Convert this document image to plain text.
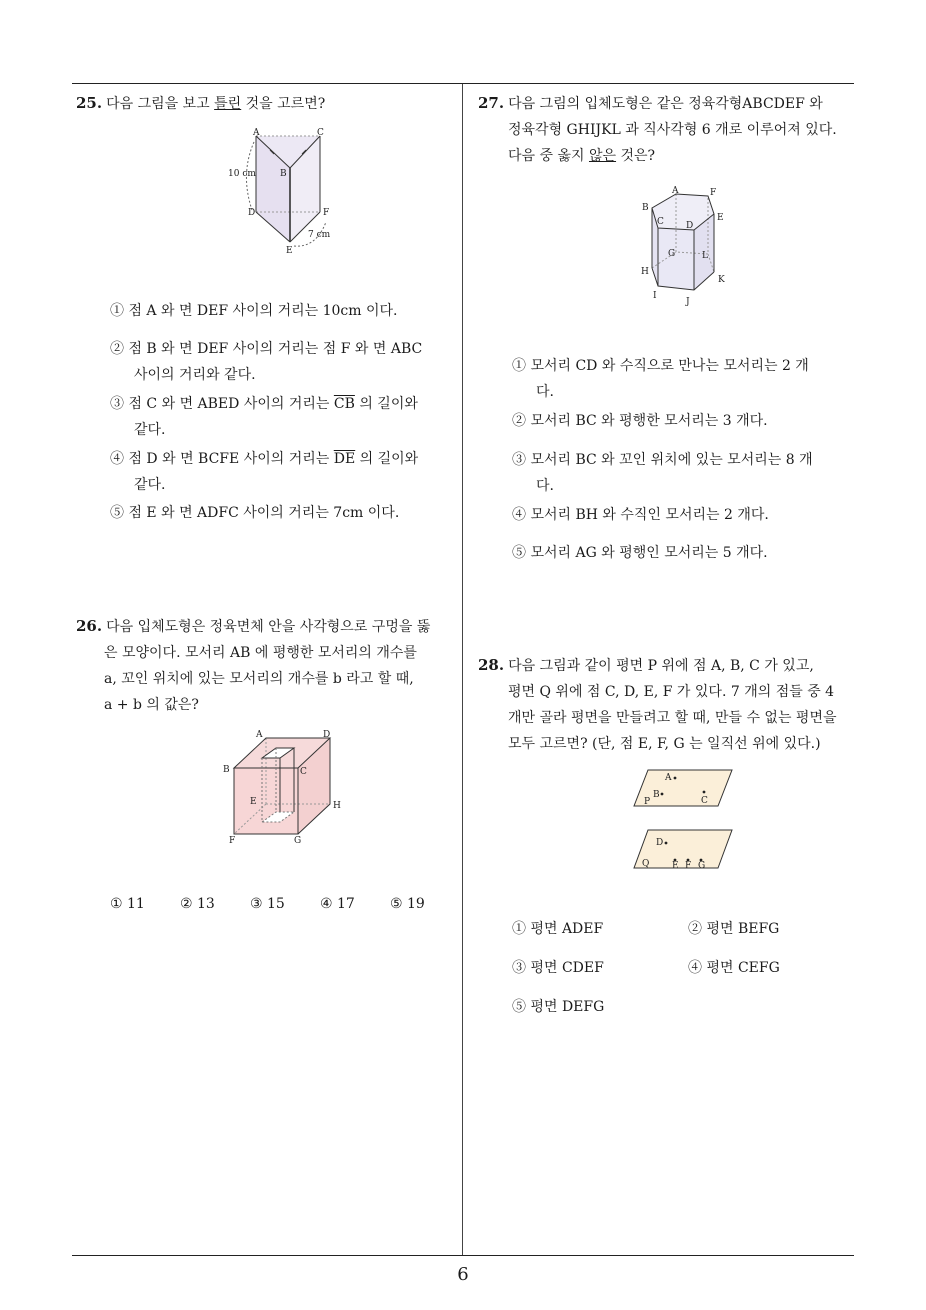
25. 다음 그림을 보고 틀린 것을 고르면?
A	C
B
D	F
E
10 cm
7 cm
① 점 A 와 면 DEF 사이의 거리는 10cm 이다.
② 점 B 와 면 DEF 사이의 거리는 점 F 와 면 ABC
사이의 거리와 같다.
③ 점 C 와 면 ABED 사이의 거리는 $\overline{CB}$ 의 길이와
같다.
④ 점 D 와 면 BCFE 사이의 거리는 $\overline{DE}$ 의 길이와
같다.
⑤ 점 E 와 면 ADFC 사이의 거리는 7cm 이다.
26. 다음 입체도형은 정육면체 안을 사각형으로 구멍을 뚫
은 모양이다. 모서리 AB 에 평행한 모서리의 개수를
a, 꼬인 위치에 있는 모서리의 개수를 b 라고 할 때,
a + b 의 값은?
A	D
B	C
E	H
F	G
① 11	② 13	③ 15	④ 17	⑤ 19
27. 다음 그림의 입체도형은 같은 정육각형ABCDEF 와
정육각형 GHIJKL 과 직사각형 6 개로 이루어져 있다.
다음 중 옳지 않은 것은?
A	F
B
E
C D
G	L
H
K
I
J
① 모서리 CD 와 수직으로 만나는 모서리는 2 개
다.
② 모서리 BC 와 평행한 모서리는 3 개다.
③ 모서리 BC 와 꼬인 위치에 있는 모서리는 8 개
다.
④ 모서리 BH 와 수직인 모서리는 2 개다.
⑤ 모서리 AG 와 평행인 모서리는 5 개다.
28. 다음 그림과 같이 평면 P 위에 점 A, B, C 가 있고,
평면 Q 위에 점 C, D, E, F 가 있다. 7 개의 점들 중 4
개만 골라 평면을 만들려고 할 때, 만들 수 없는 평면을
모두 고르면? (단, 점 E, F, G 는 일직선 위에 있다.)
A
B
C
P
D
E F G
Q
① 평면 ADEF	② 평면 BEFG
③ 평면 CDEF	④ 평면 CEFG
⑤ 평면 DEFG
6
